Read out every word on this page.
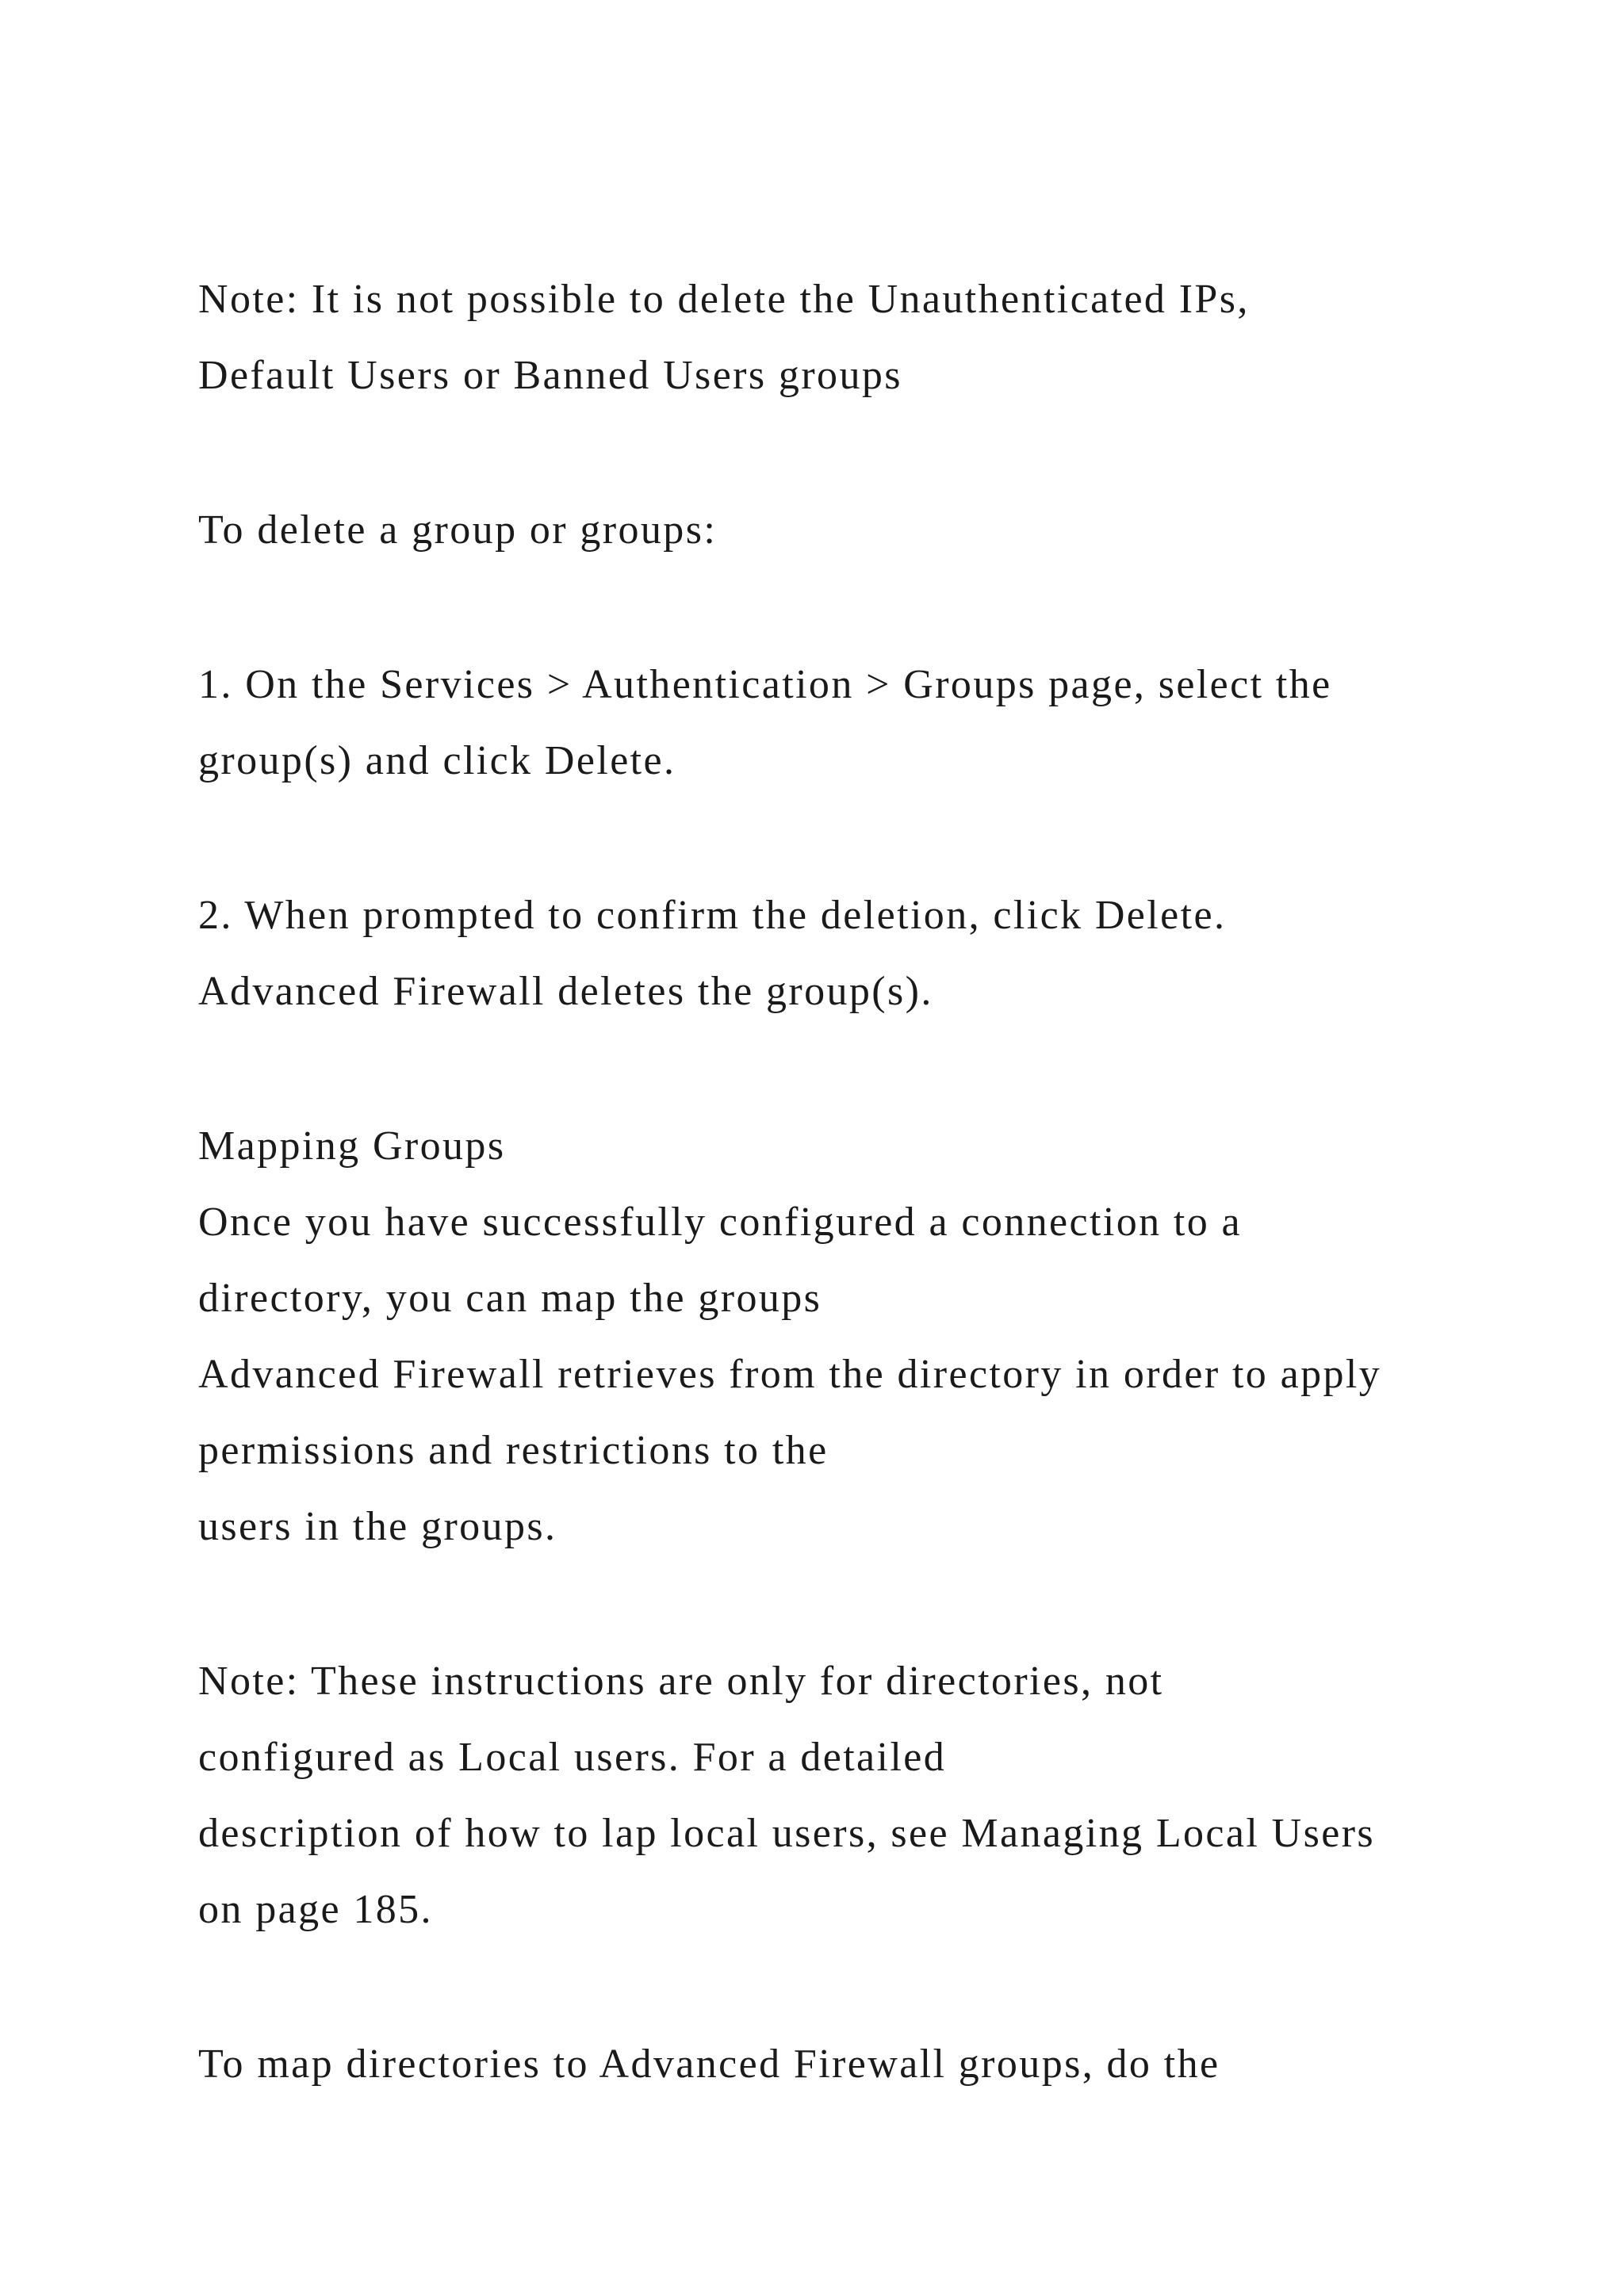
Note: It is not possible to delete the Unauthenticated IPs,
Default Users or Banned Users groups
To delete a group or groups:
1. On the Services > Authentication > Groups page, select the
group(s) and click Delete.
2. When prompted to confirm the deletion, click Delete.
Advanced Firewall deletes the group(s).
Mapping Groups
Once you have successfully configured a connection to a
directory, you can map the groups
Advanced Firewall retrieves from the directory in order to apply
permissions and restrictions to the
users in the groups.
Note: These instructions are only for directories, not
configured as Local users. For a detailed
description of how to lap local users, see Managing Local Users
on page 185.
To map directories to Advanced Firewall groups, do the
